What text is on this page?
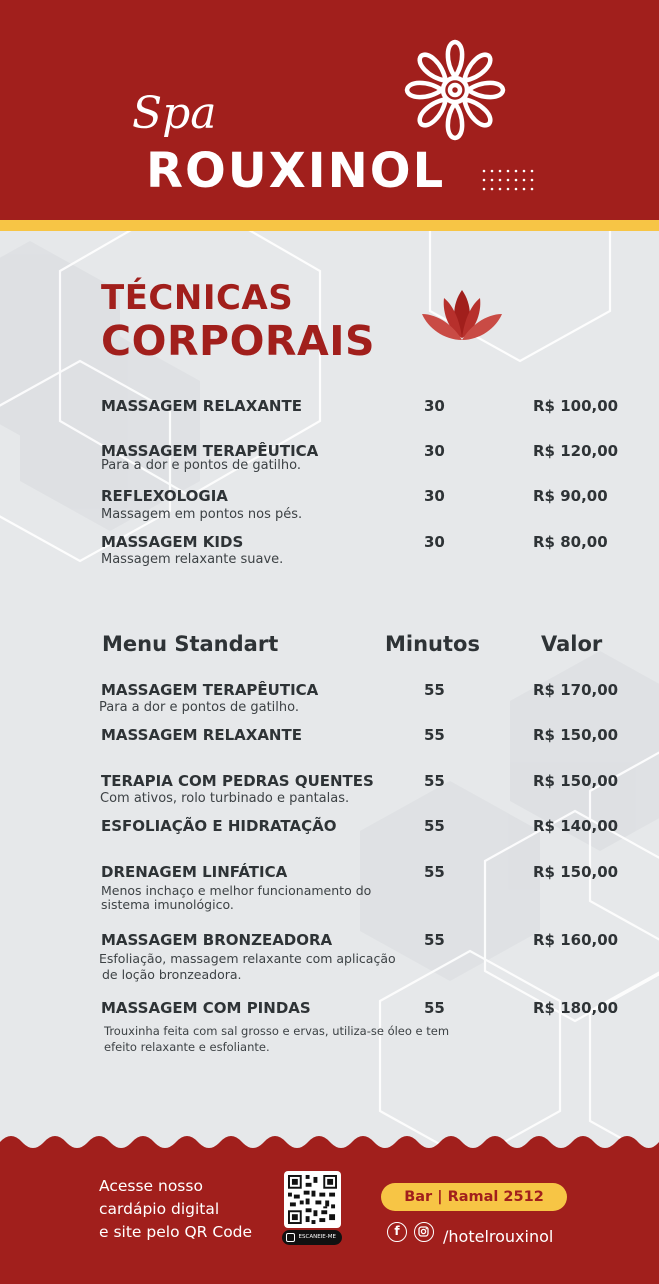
Spa
ROUXINOL
TÉCNICAS
CORPORAIS
MASSAGEM RELAXANTE	30	R$ 100,00
MASSAGEM TERAPÊUTICA	30	R$ 120,00
Para a dor e pontos de gatilho.
REFLEXOLOGIA	30	R$ 90,00
Massagem em pontos nos pés.
MASSAGEM KIDS	30	R$ 80,00
Massagem relaxante suave.
Menu Standart	Minutos	Valor
MASSAGEM TERAPÊUTICA	55	R$ 170,00
Para a dor e pontos de gatilho.
MASSAGEM RELAXANTE	55	R$ 150,00
TERAPIA COM PEDRAS QUENTES	55	R$ 150,00
Com ativos, rolo turbinado e pantalas.
ESFOLIAÇÃO E HIDRATAÇÃO	55	R$ 140,00
DRENAGEM LINFÁTICA	55	R$ 150,00
Menos inchaço e melhor funcionamento do
sistema imunológico.
MASSAGEM BRONZEADORA	55	R$ 160,00
Esfoliação, massagem relaxante com aplicação
de loção bronzeadora.
MASSAGEM COM PINDAS	55	R$ 180,00
Trouxinha feita com sal grosso e ervas, utiliza-se óleo e tem
efeito relaxante e esfoliante.
Acesse nosso
cardápio digital
e site pelo QR Code	ESCANEIE-ME
Bar | Ramal 2512
f	/hotelrouxinol
